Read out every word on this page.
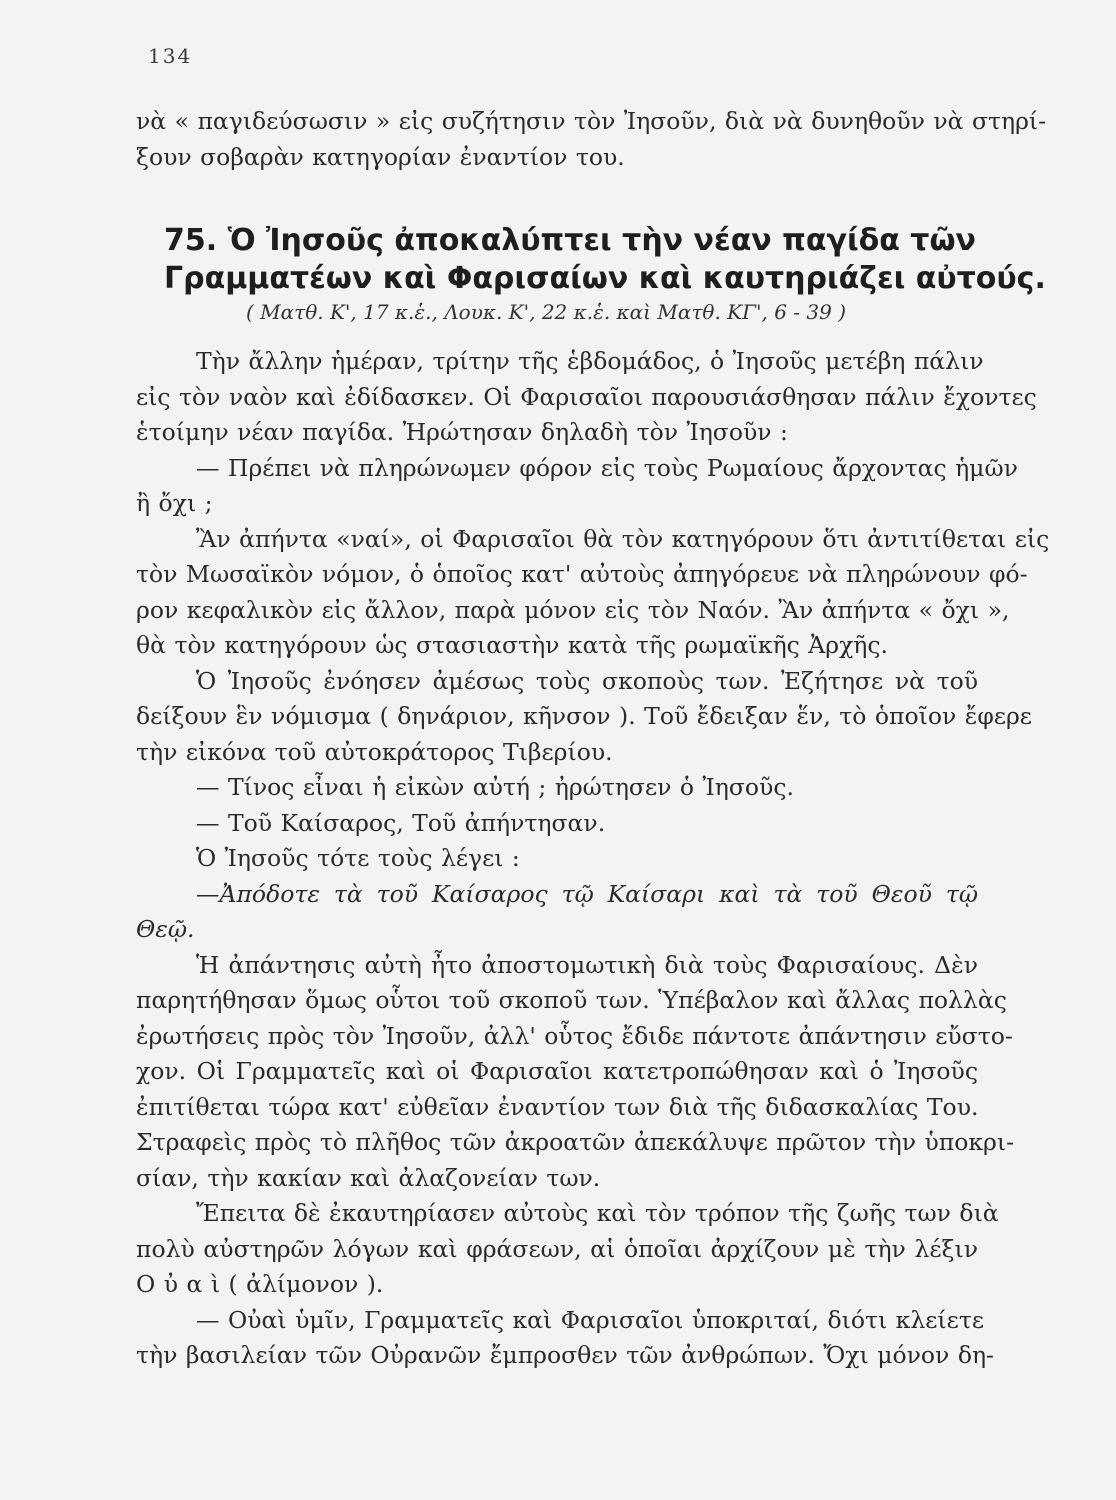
134
νὰ « παγιδεύσωσιν » εἰς συζήτησιν τὸν Ἰησοῦν, διὰ νὰ δυνηθοῦν νὰ στηρί-
ξουν σοβαρὰν κατηγορίαν ἐναντίον του.
75. Ὁ Ἰησοῦς ἀποκαλύπτει τὴν νέαν παγίδα τῶν
Γραμματέων καὶ Φαρισαίων καὶ καυτηριάζει αὐτούς.
( Ματθ. Κ', 17 κ.ἑ., Λουκ. Κ', 22 κ.ἑ. καὶ Ματθ. ΚΓ', 6 - 39 )
Τὴν ἄλλην ἡμέραν, τρίτην τῆς ἑβδομάδος, ὁ Ἰησοῦς μετέβη πάλιν
εἰς τὸν ναὸν καὶ ἐδίδασκεν. Οἱ Φαρισαῖοι παρουσιάσθησαν πάλιν ἔχοντες
ἑτοίμην νέαν παγίδα. Ἠρώτησαν δηλαδὴ τὸν Ἰησοῦν :
— Πρέπει νὰ πληρώνωμεν φόρον εἰς τοὺς Ρωμαίους ἄρχοντας ἡμῶν
ἢ ὄχι ;
Ἂν ἀπήντα «ναί», οἱ Φαρισαῖοι θὰ τὸν κατηγόρουν ὅτι ἀντιτίθεται εἰς
τὸν Μωσαϊκὸν νόμον, ὁ ὁποῖος κατ' αὐτοὺς ἀπηγόρευε νὰ πληρώνουν φό-
ρον κεφαλικὸν εἰς ἄλλον, παρὰ μόνον εἰς τὸν Ναόν. Ἂν ἀπήντα « ὄχι »,
θὰ τὸν κατηγόρουν ὡς στασιαστὴν κατὰ τῆς ρωμαϊκῆς Ἀρχῆς.
Ὁ Ἰησοῦς ἐνόησεν ἀμέσως τοὺς σκοποὺς των. Ἐζήτησε νὰ τοῦ
δείξουν ἓν νόμισμα ( δηνάριον, κῆνσον ). Τοῦ ἔδειξαν ἕν, τὸ ὁποῖον ἔφερε
τὴν εἰκόνα τοῦ αὐτοκράτορος Τιβερίου.
— Τίνος εἶναι ἡ εἰκὼν αὐτή ; ἠρώτησεν ὁ Ἰησοῦς.
— Τοῦ Καίσαρος, Τοῦ ἀπήντησαν.
Ὁ Ἰησοῦς τότε τοὺς λέγει :
—Ἀπόδοτε τὰ τοῦ Καίσαρος τῷ Καίσαρι καὶ τὰ τοῦ Θεοῦ τῷ
Θεῷ.
Ἡ ἀπάντησις αὐτὴ ἦτο ἀποστομωτικὴ διὰ τοὺς Φαρισαίους. Δὲν
παρητήθησαν ὅμως οὗτοι τοῦ σκοποῦ των. Ὑπέβαλον καὶ ἄλλας πολλὰς
ἐρωτήσεις πρὸς τὸν Ἰησοῦν, ἀλλ' οὗτος ἔδιδε πάντοτε ἀπάντησιν εὔστο-
χον. Οἱ Γραμματεῖς καὶ οἱ Φαρισαῖοι κατετροπώθησαν καὶ ὁ Ἰησοῦς
ἐπιτίθεται τώρα κατ' εὐθεῖαν ἐναντίον των διὰ τῆς διδασκαλίας Του.
Στραφεὶς πρὸς τὸ πλῆθος τῶν ἀκροατῶν ἀπεκάλυψε πρῶτον τὴν ὑποκρι-
σίαν, τὴν κακίαν καὶ ἀλαζονείαν των.
Ἔπειτα δὲ ἐκαυτηρίασεν αὐτοὺς καὶ τὸν τρόπον τῆς ζωῆς των διὰ
πολὺ αὐστηρῶν λόγων καὶ φράσεων, αἱ ὁποῖαι ἀρχίζουν μὲ τὴν λέξιν
Ο ὐ α ὶ ( ἀλίμονον ).
— Οὐαὶ ὑμῖν, Γραμματεῖς καὶ Φαρισαῖοι ὑποκριταί, διότι κλείετε
τὴν βασιλείαν τῶν Οὐρανῶν ἔμπροσθεν τῶν ἀνθρώπων. Ὄχι μόνον δη-
